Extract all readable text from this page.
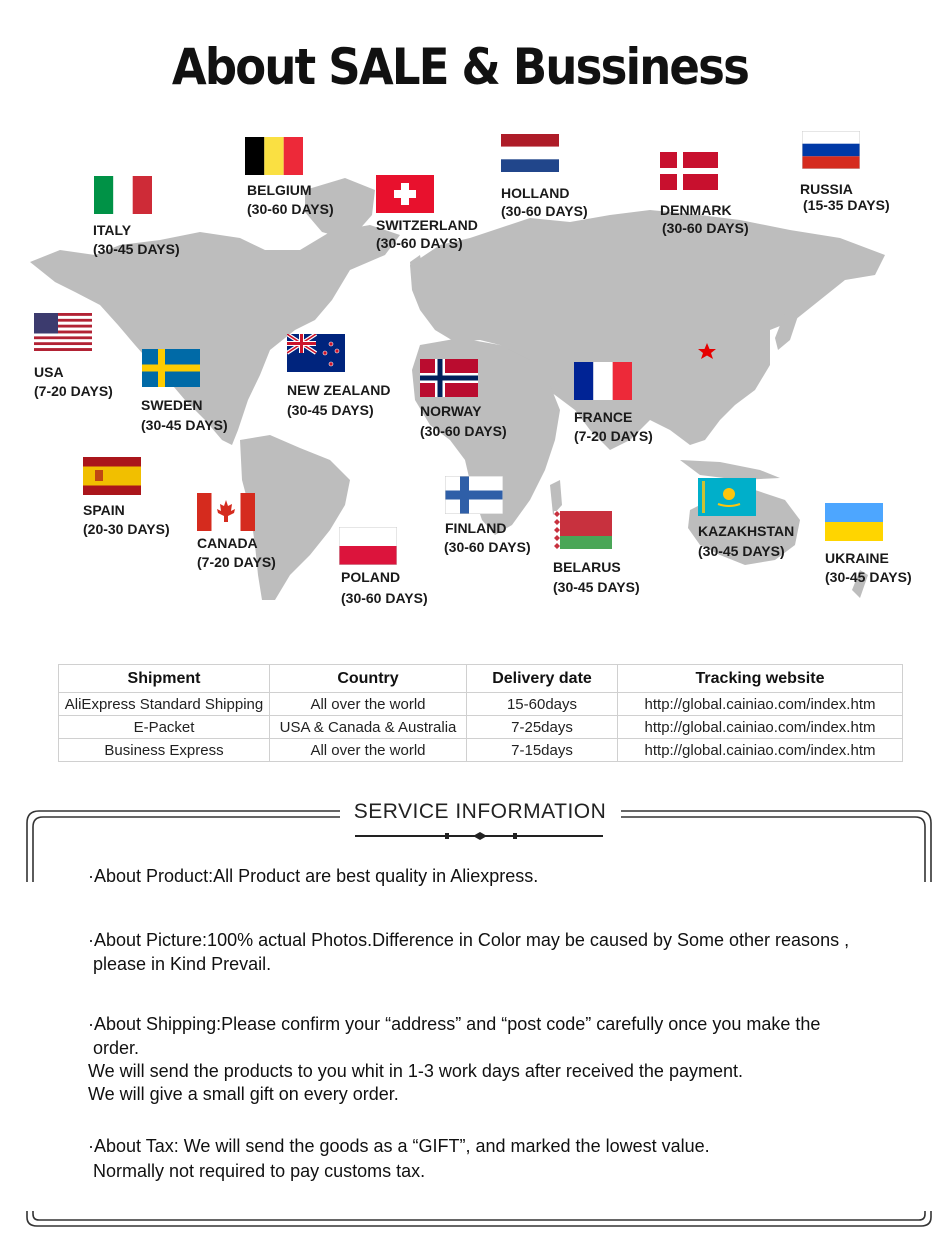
About SALE & Bussiness
BELGIUM
(30-60 DAYS)
HOLLAND
(30-60 DAYS)
RUSSIA
(15-35 DAYS)
ITALY
(30-45 DAYS)
SWITZERLAND
(30-60 DAYS)
DENMARK
(30-60 DAYS)
USA
(7-20 DAYS)
SWEDEN
(30-45 DAYS)
NEW ZEALAND
(30-45 DAYS)	NORWAY
(30-60 DAYS)
FRANCE
(7-20 DAYS)
SPAIN
(20-30 DAYS)
CANADA
(7-20 DAYS)
POLAND
(30-60 DAYS)
FINLAND
(30-60 DAYS)
BELARUS
(30-45 DAYS)
KAZAKHSTAN
(30-45 DAYS)	UKRAINE
(30-45 DAYS)
Shipment	Country	Delivery date	Tracking website
AliExpress Standard Shipping	All over the world	15-60days	http://global.cainiao.com/index.htm
E-Packet	USA & Canada & Australia	7-25days	http://global.cainiao.com/index.htm
Business Express	All over the world	7-15days	http://global.cainiao.com/index.htm
SERVICE INFORMATION
·About Product:All Product are best quality in Aliexpress.
·About Picture:100% actual Photos.Difference in Color may be caused by Some other reasons ,
please in Kind Prevail.
·About Shipping:Please confirm your “address” and “post code” carefully once you make the
order.
We will send the products to you whit in 1-3 work days after received the payment.
We will give a small gift on every order.
·About Tax: We will send the goods as a “GIFT”, and marked the lowest value.
Normally not required to pay customs tax.
